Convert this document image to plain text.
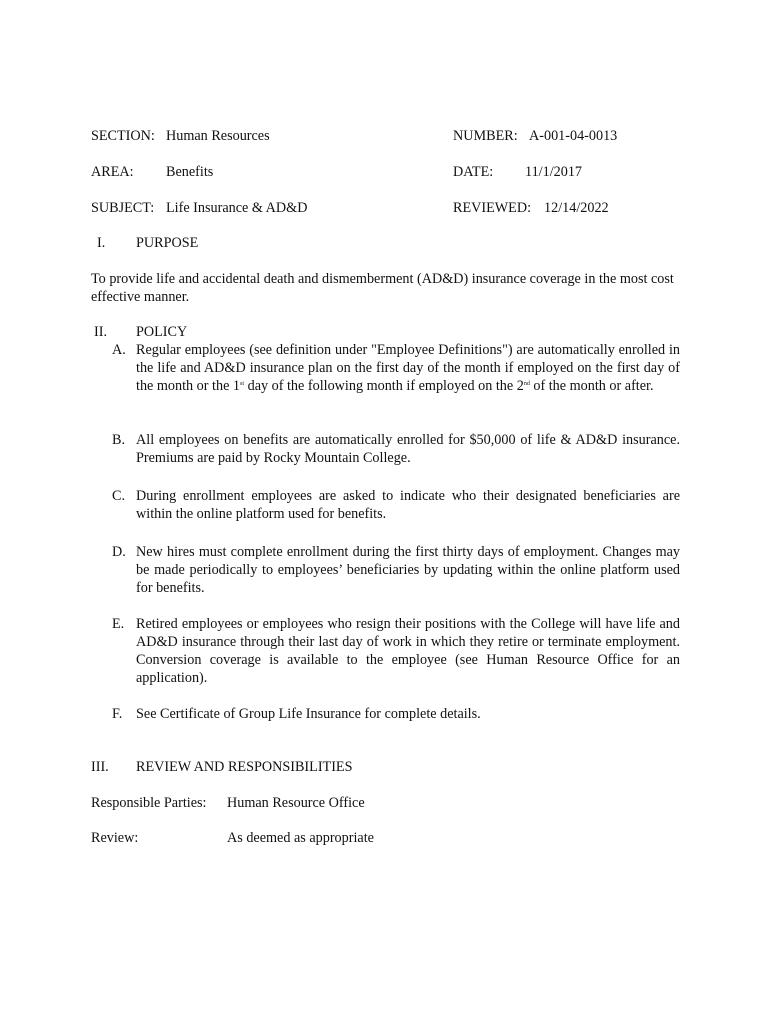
SECTION: Human Resources	NUMBER: A-001-04-0013
AREA: Benefits	DATE: 11/1/2017
SUBJECT: Life Insurance & AD&D	REVIEWED: 12/14/2022
I. PURPOSE
To provide life and accidental death and dismemberment (AD&D) insurance coverage in the most cost effective manner.
II. POLICY
A. Regular employees (see definition under "Employee Definitions") are automatically enrolled in the life and AD&D insurance plan on the first day of the month if employed on the first day of the month or the 1st day of the following month if employed on the 2nd of the month or after.
B. All employees on benefits are automatically enrolled for $50,000 of life & AD&D insurance. Premiums are paid by Rocky Mountain College.
C. During enrollment employees are asked to indicate who their designated beneficiaries are within the online platform used for benefits.
D. New hires must complete enrollment during the first thirty days of employment. Changes may be made periodically to employees’ beneficiaries by updating within the online platform used for benefits.
E. Retired employees or employees who resign their positions with the College will have life and AD&D insurance through their last day of work in which they retire or terminate employment. Conversion coverage is available to the employee (see Human Resource Office for an application).
F. See Certificate of Group Life Insurance for complete details.
III. REVIEW AND RESPONSIBILITIES
Responsible Parties: Human Resource Office
Review:	As deemed as appropriate
